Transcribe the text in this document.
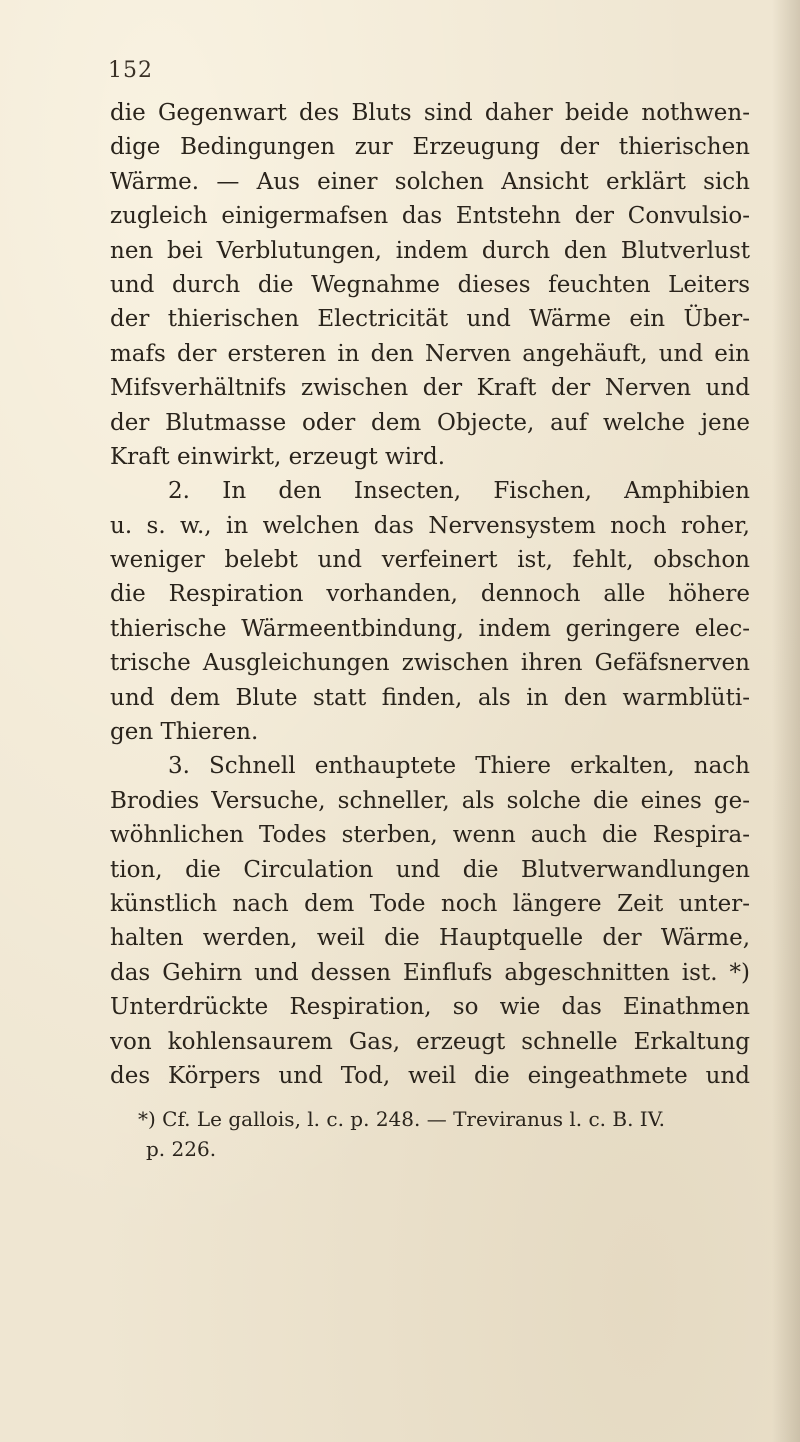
152
die Gegenwart des Bluts sind daher beide nothwen-
dige Bedingungen zur Erzeugung der thierischen
Wärme. — Aus einer solchen Ansicht erklärt sich
zugleich einigermafsen das Entstehn der Convulsio-
nen bei Verblutungen, indem durch den Blutverlust
und durch die Wegnahme dieses feuchten Leiters
der thierischen Electricität und Wärme ein Über-
mafs der ersteren in den Nerven angehäuft, und ein
Mifsverhältnifs zwischen der Kraft der Nerven und
der Blutmasse oder dem Objecte, auf welche jene
Kraft einwirkt, erzeugt wird.
2. In den Insecten, Fischen, Amphibien
u. s. w., in welchen das Nervensystem noch roher,
weniger belebt und verfeinert ist, fehlt, obschon
die Respiration vorhanden, dennoch alle höhere
thierische Wärmeentbindung, indem geringere elec-
trische Ausgleichungen zwischen ihren Gefäfsnerven
und dem Blute statt finden, als in den warmblüti-
gen Thieren.
3. Schnell enthauptete Thiere erkalten, nach
Brodies Versuche, schneller, als solche die eines ge-
wöhnlichen Todes sterben, wenn auch die Respira-
tion, die Circulation und die Blutverwandlungen
künstlich nach dem Tode noch längere Zeit unter-
halten werden, weil die Hauptquelle der Wärme,
das Gehirn und dessen Einflufs abgeschnitten ist. *)
Unterdrückte Respiration, so wie das Einathmen
von kohlensaurem Gas, erzeugt schnelle Erkaltung
des Körpers und Tod, weil die eingeathmete und
*) Cf. Le gallois, l. c. p. 248. — Treviranus l. c. B. IV.
p. 226.
